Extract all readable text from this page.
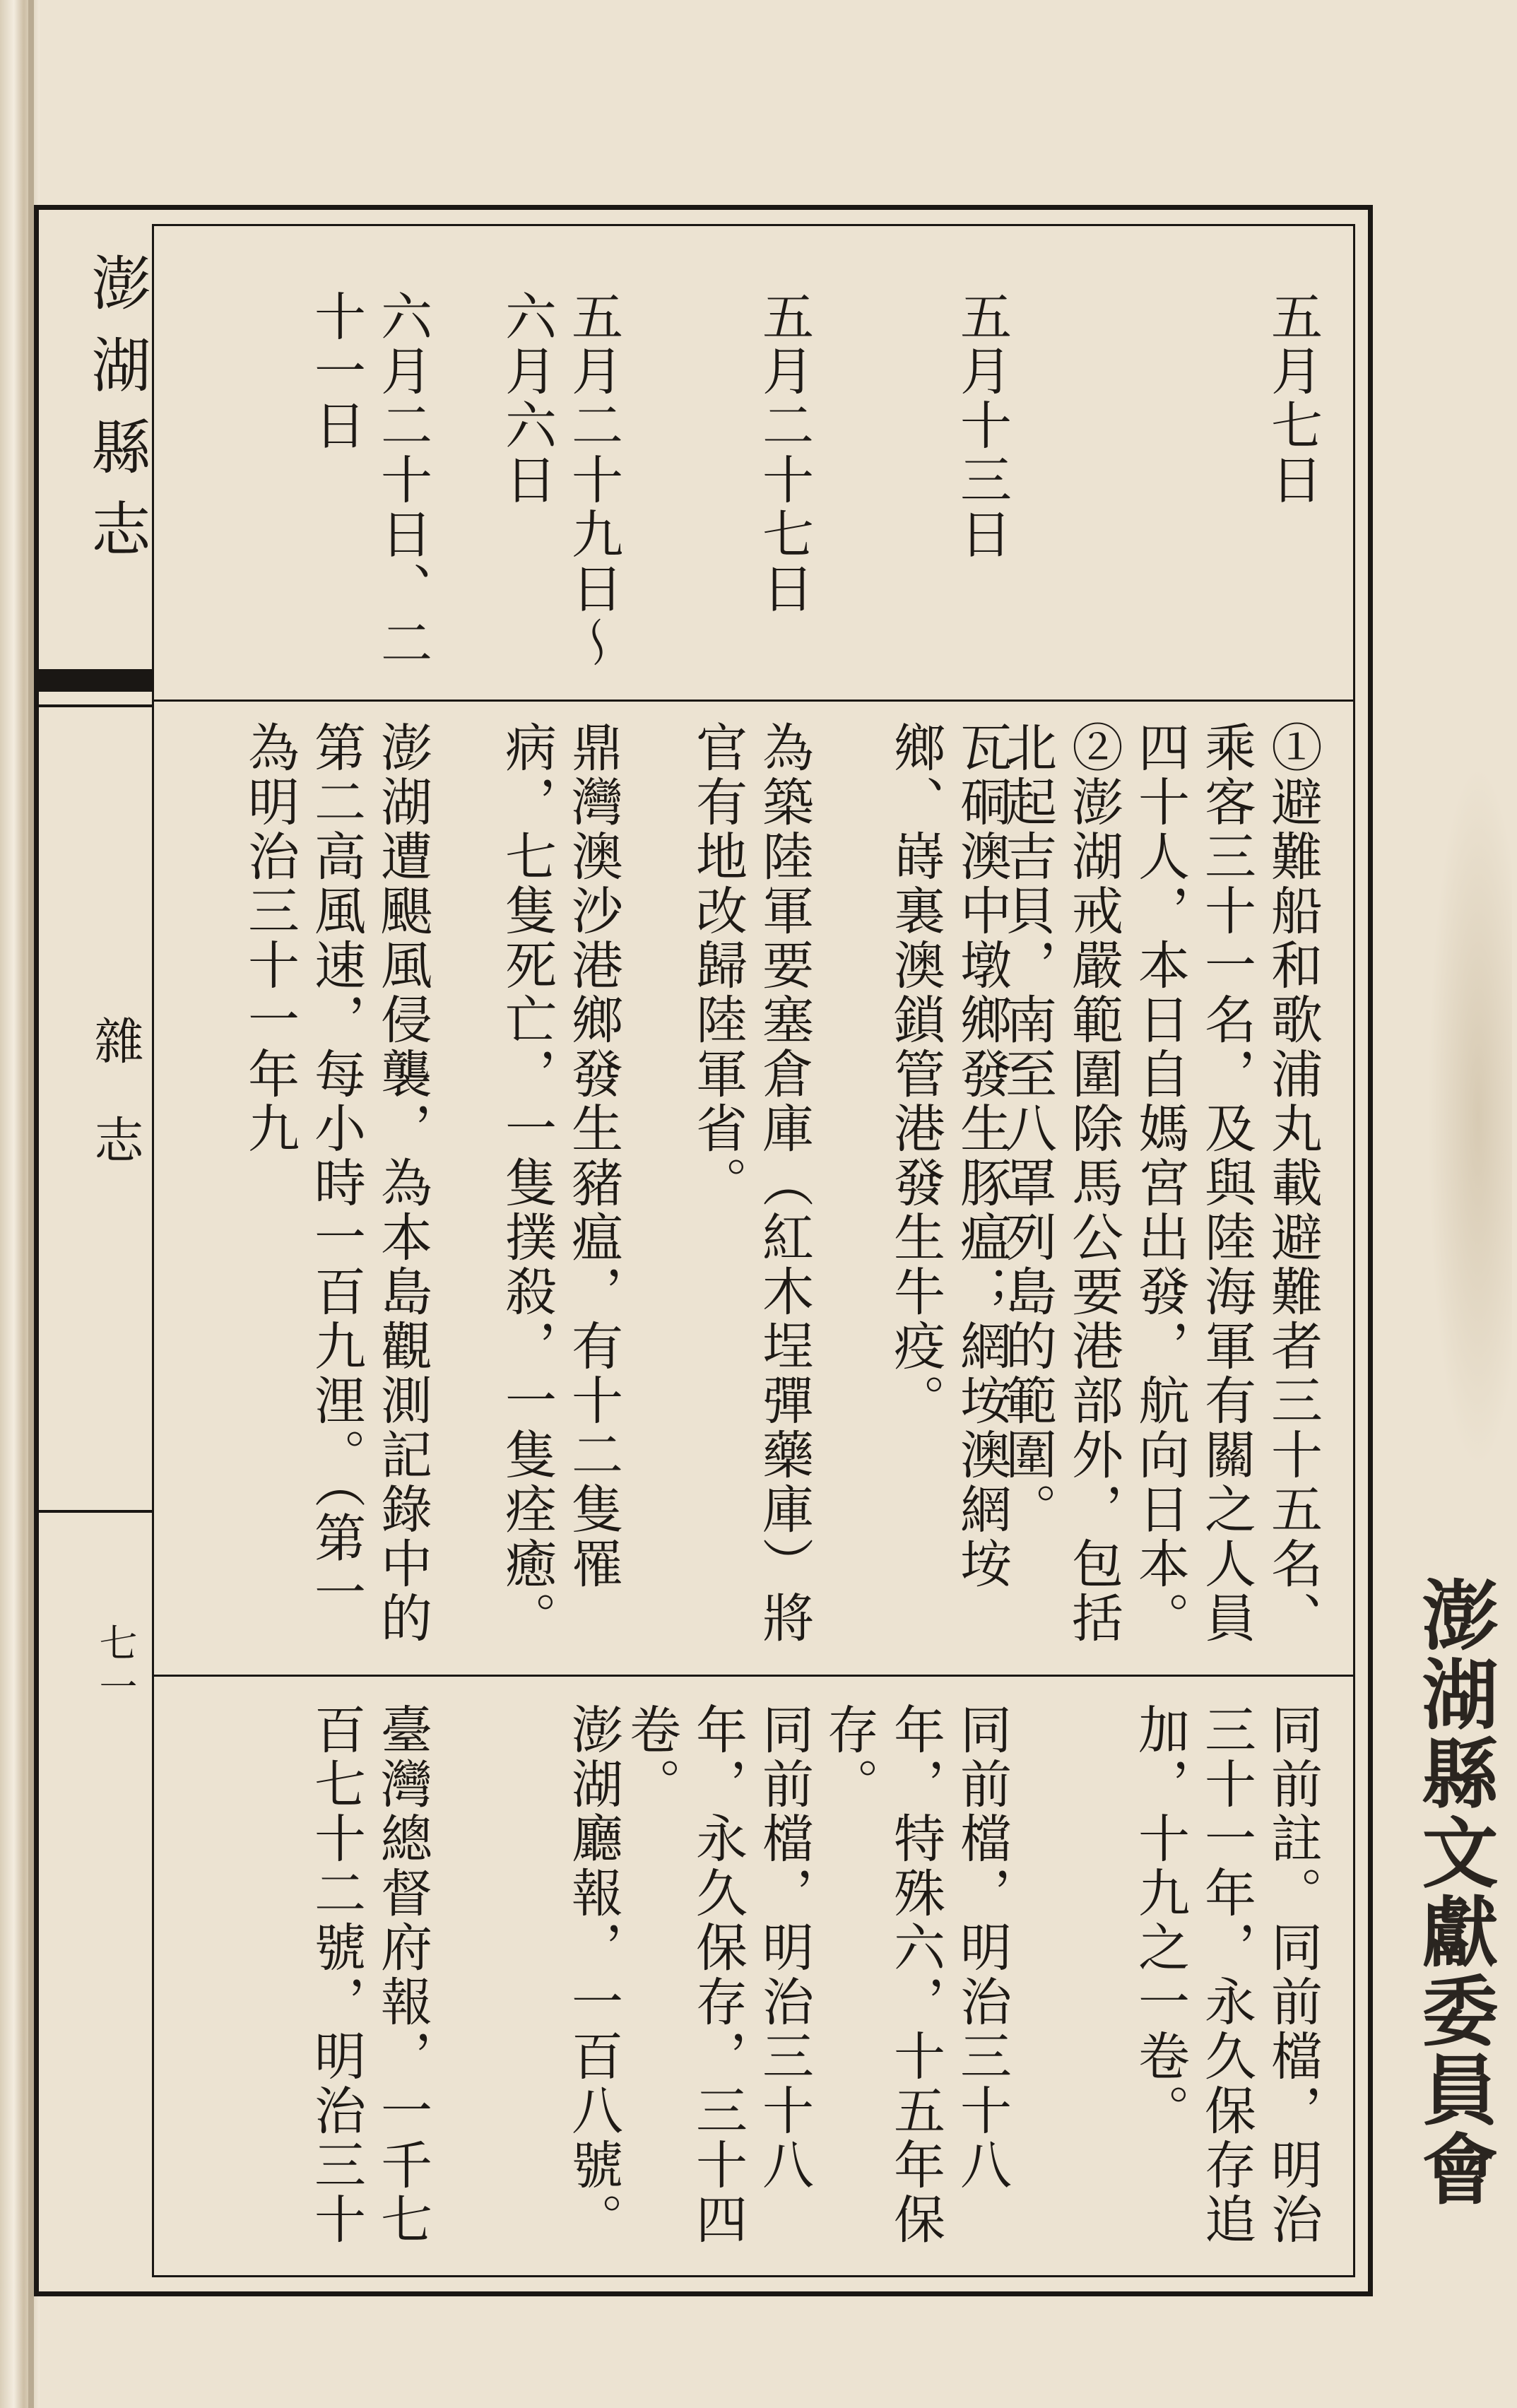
澎湖縣志
雜志
七一
五月七日
①避難船和歌浦丸載避難者三十五名、乘客三十一名，及與陸海軍有關之人員四十人，本日自媽宮出發，航向日本。②澎湖戒嚴範圍除馬公要港部外，包括北起吉貝，南至八罩列島的範圍。
同前註。同前檔，明治三十一年，永久保存追加，十九之一卷。
五月十三日
瓦硐澳中墩鄉發生豚瘟；網垵澳網垵鄉、嵵裏澳鎖管港發生牛疫。
同前檔，明治三十八年，特殊六，十五年保存。
五月二十七日
為築陸軍要塞倉庫（紅木埕彈藥庫）將官有地改歸陸軍省。
同前檔，明治三十八年，永久保存，三十四卷。
五月二十九日～六月六日
鼎灣澳沙港鄉發生豬瘟，有十二隻罹病，七隻死亡，一隻撲殺，一隻痊癒。
澎湖廳報，一百八號。
六月二十日、二十一日
澎湖遭颶風侵襲，為本島觀測記錄中的第二高風速，每小時一百九浬。（第一為明治三十一年九
臺灣總督府報，一千七百七十二號，明治三十	澎湖縣文獻委員會
